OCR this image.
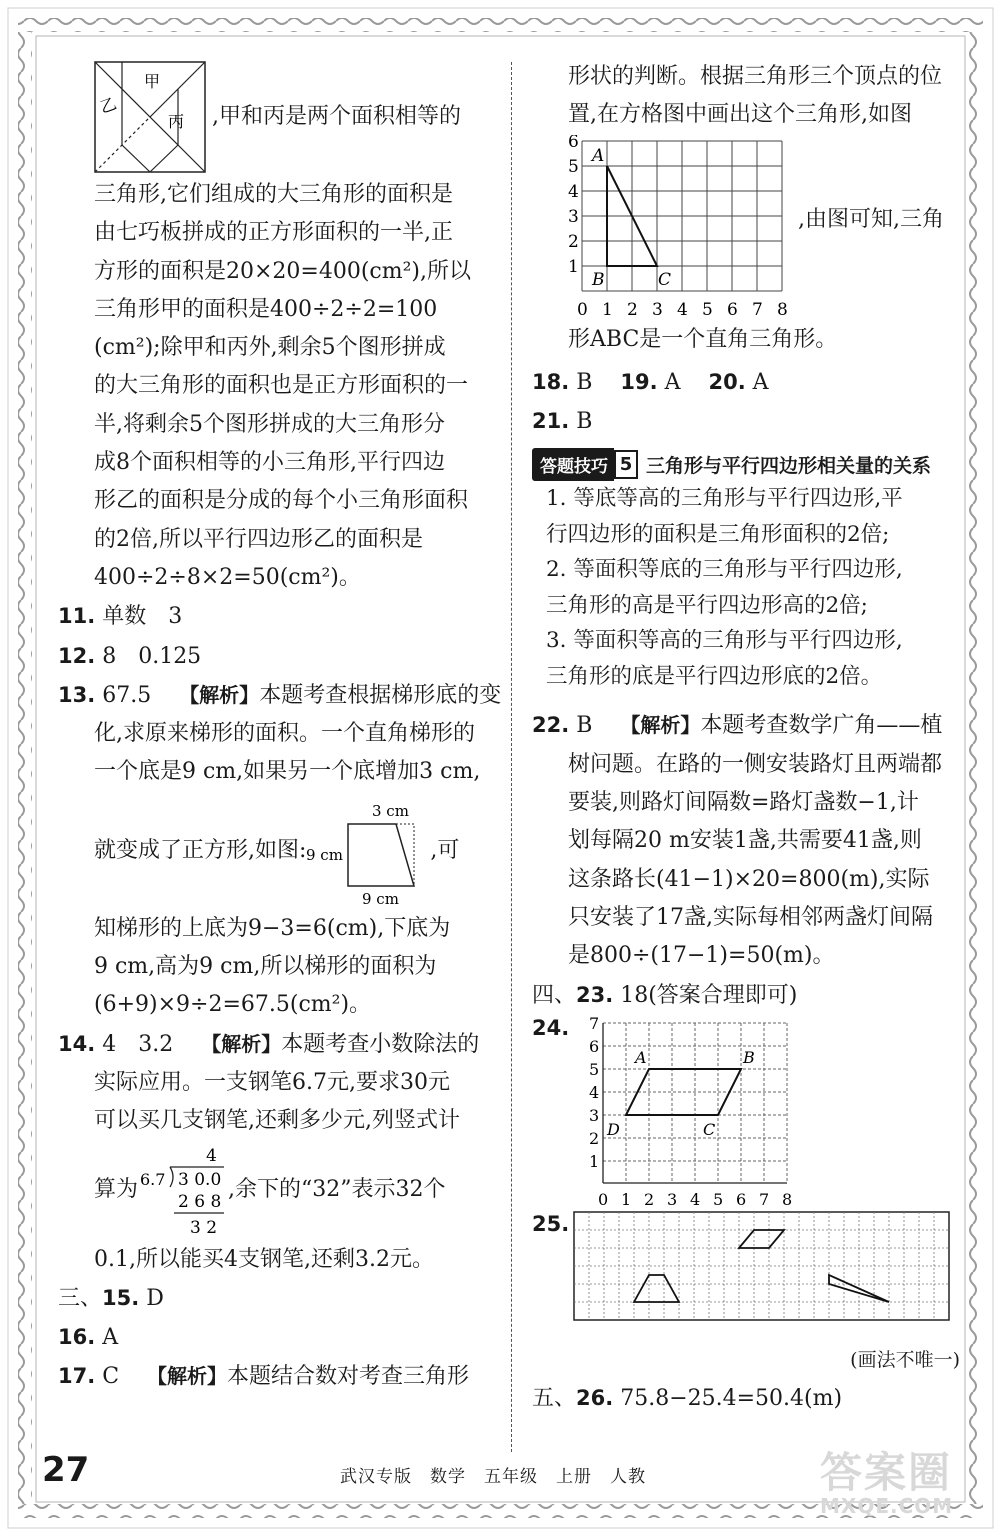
甲
乙
丙 ,甲和丙是两个面积相等的
三角形,它们组成的大三角形的面积是
由七巧板拼成的正方形面积的一半,正
方形的面积是20×20=400(cm²),所以
三角形甲的面积是400÷2÷2=100
(cm²);除甲和丙外,剩余5个图形拼成
的大三角形的面积也是正方形面积的一
半,将剩余5个图形拼成的大三角形分
成8个面积相等的小三角形,平行四边
形乙的面积是分成的每个小三角形面积
的2倍,所以平行四边形乙的面积是
400÷2÷8×2=50(cm²)。
11. 单数　3
12. 8　0.125
13. 67.5 【解析】本题考查根据梯形底的变
化,求原来梯形的面积。一个直角梯形的
一个底是9 cm,如果另一个底增加3 cm,
就变成了正方形,如图: 9 cm
3 cm
9 cm
,可
知梯形的上底为9−3=6(cm),下底为
9 cm,高为9 cm,所以梯形的面积为
(6+9)×9÷2=67.5(cm²)。
14. 4　3.2 【解析】本题考查小数除法的
实际应用。一支钢笔6.7元,要求30元
可以买几支钢笔,还剩多少元,列竖式计
算为
4
6.7 3 0.0
2 6 8
3 2
,余下的“32”表示32个
0.1,所以能买4支钢笔,还剩3.2元。
三、15. D
16. A
17. C 【解析】本题结合数对考查三角形
形状的判断。根据三角形三个顶点的位
置,在方格图中画出这个三角形,如图
6
5
4
3
2
1
0 1 2 3 4 5 6 7 8
A
B	C
,由图可知,三角
形ABC是一个直角三角形。
18. B 19. A 20. A
21. B
答题技巧 5 三角形与平行四边形相关量的关系
1. 等底等高的三角形与平行四边形,平
行四边形的面积是三角形面积的2倍;
2. 等面积等底的三角形与平行四边形,
三角形的高是平行四边形高的2倍;
3. 等面积等高的三角形与平行四边形,
三角形的底是平行四边形底的2倍。
22. B 【解析】本题考查数学广角——植
树问题。在路的一侧安装路灯且两端都
要装,则路灯间隔数=路灯盏数−1,计
划每隔20 m安装1盏,共需要41盏,则
这条路长(41−1)×20=800(m),实际
只安装了17盏,实际每相邻两盏灯间隔
是800÷(17−1)=50(m)。
四、23. 18(答案合理即可)
24. 7
6
5
4
3
2
1
0 1 2 3 4 5 6 7 8
A	B
C
D
25.
(画法不唯一)
五、26. 75.8−25.4=50.4(m)
27	武汉专版　数学　五年级　上册　人教	答案圈
MXQE.COM
